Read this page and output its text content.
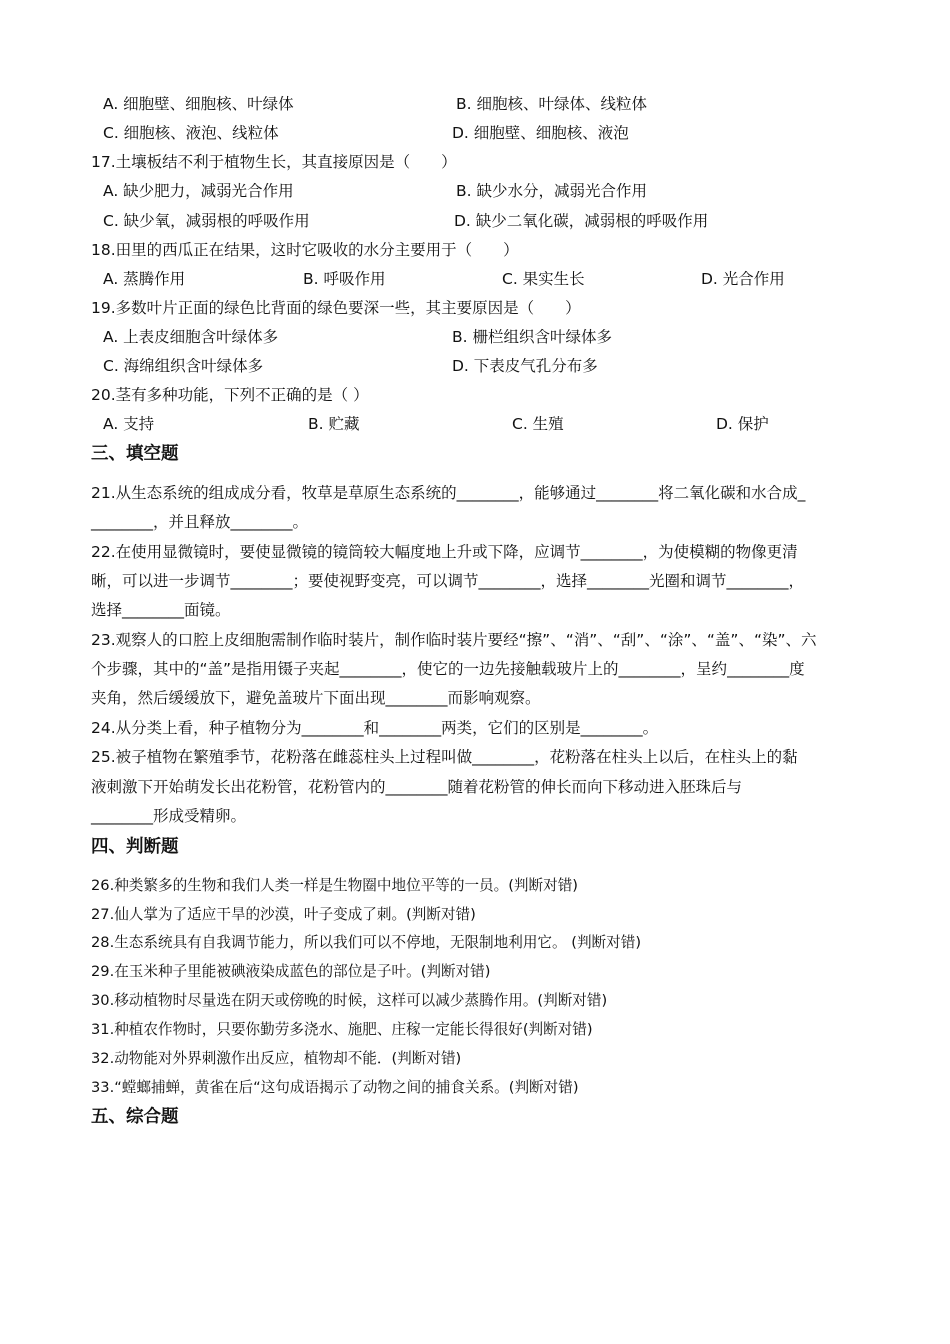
A. 细胞壁、细胞核、叶绿体	B. 细胞核、叶绿体、线粒体
C. 细胞核、液泡、线粒体	D. 细胞壁、细胞核、液泡
17.土壤板结不利于植物生长，其直接原因是（　　）
A. 缺少肥力，减弱光合作用	B. 缺少水分，减弱光合作用
C. 缺少氧，减弱根的呼吸作用	D. 缺少二氧化碳，减弱根的呼吸作用
18.田里的西瓜正在结果，这时它吸收的水分主要用于（　　）
A. 蒸腾作用	B. 呼吸作用	C. 果实生长	D. 光合作用
19.多数叶片正面的绿色比背面的绿色要深一些，其主要原因是（　　）
A. 上表皮细胞含叶绿体多	B. 栅栏组织含叶绿体多
C. 海绵组织含叶绿体多	D. 下表皮气孔分布多
20.茎有多种功能，下列不正确的是（ ）
A. 支持	B. 贮藏	C. 生殖	D. 保护
三、填空题
21.从生态系统的组成成分看，牧草是草原生态系统的________，能够通过________将二氧化碳和水合成_
________，并且释放________。
22.在使用显微镜时，要使显微镜的镜筒较大幅度地上升或下降，应调节________，为使模糊的物像更清
晰，可以进一步调节________；要使视野变亮，可以调节________，选择________光圈和调节________，
选择________面镜。
23.观察人的口腔上皮细胞需制作临时装片，制作临时装片要经“擦”、“消”、“刮”、“涂”、“盖”、“染”、六
个步骤，其中的“盖”是指用镊子夹起________，使它的一边先接触载玻片上的________，呈约________度
夹角，然后缓缓放下，避免盖玻片下面出现________而影响观察。
24.从分类上看，种子植物分为________和________两类，它们的区别是________。
25.被子植物在繁殖季节，花粉落在雌蕊柱头上过程叫做________，花粉落在柱头上以后，在柱头上的黏
液刺激下开始萌发长出花粉管，花粉管内的________随着花粉管的伸长而向下移动进入胚珠后与
________形成受精卵。
四、判断题
26.种类繁多的生物和我们人类一样是生物圈中地位平等的一员。(判断对错)
27.仙人掌为了适应干旱的沙漠，叶子变成了刺。(判断对错)
28.生态系统具有自我调节能力，所以我们可以不停地，无限制地利用它。 (判断对错)
29.在玉米种子里能被碘液染成蓝色的部位是子叶。(判断对错)
30.移动植物时尽量选在阴天或傍晚的时候，这样可以减少蒸腾作用。(判断对错)
31.种植农作物时，只要你勤劳多浇水、施肥、庄稼一定能长得很好(判断对错)
32.动物能对外界刺激作出反应，植物却不能．(判断对错)
33.“螳螂捕蝉，黄雀在后“这句成语揭示了动物之间的捕食关系。(判断对错)
五、综合题
